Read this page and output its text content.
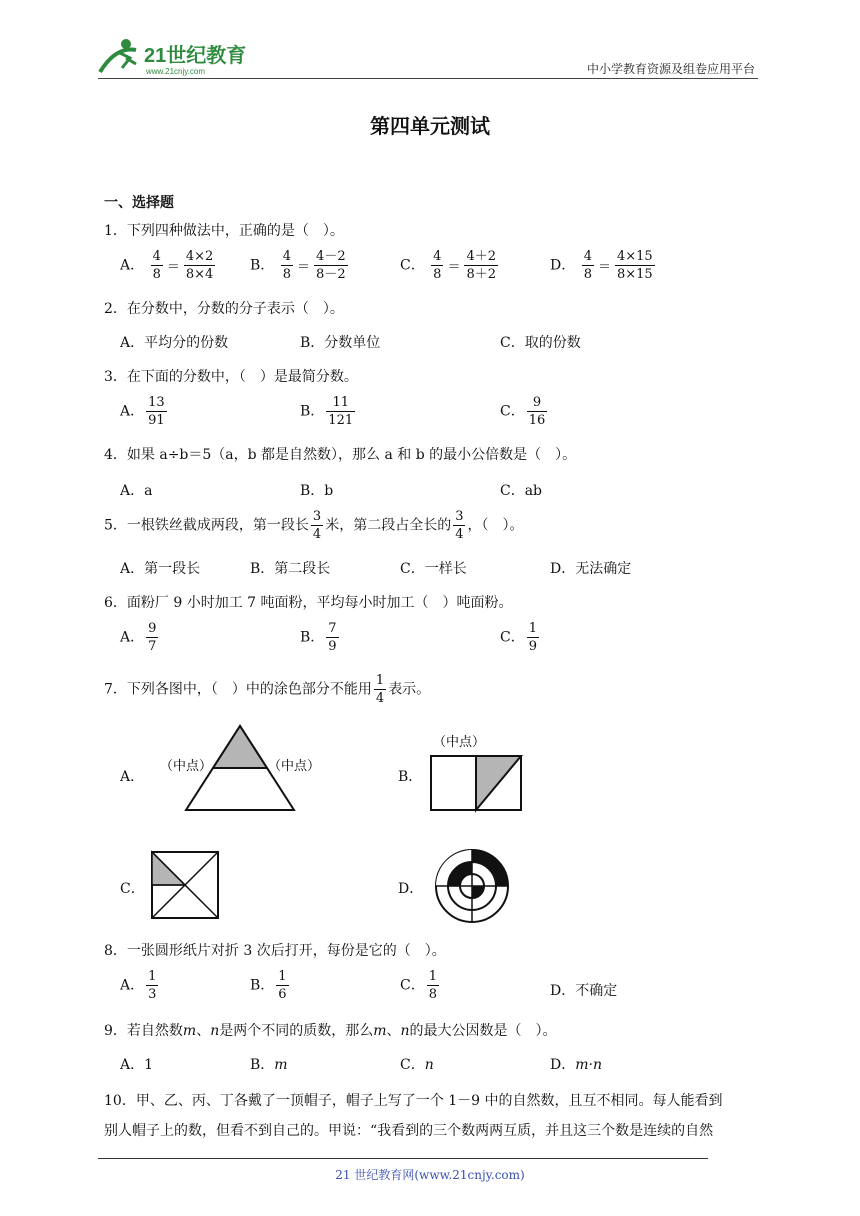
21世纪教育
www.21cnjy.com	中小学教育资源及组卷应用平台
第四单元测试
一、选择题
1．下列四种做法中，正确的是（　）。
A． $\frac{4}{8} = \frac{4\times 2}{8\times 4}$ B． $\frac{4}{8} = \frac{4-2}{8-2}$	C． $\frac{4}{8} = \frac{4+2}{8+2}$	D． $\frac{4}{8} = \frac{4\times 15}{8\times 15}$
2．在分数中，分数的分子表示（　）。
A．平均分的份数	B．分数单位	C．取的份数
3．在下面的分数中，（　）是最简分数。
A． $\frac{13}{91}$	B． $\frac{11}{121}$	C． $\frac{9}{16}$
4．如果 a÷b＝5（a，b 都是自然数），那么 a 和 b 的最小公倍数是（　）。
A．a	B．b	C．ab
5．一根铁丝截成两段，第一段长 $\frac{3}{4}$ 米，第二段占全长的 $\frac{3}{4}$ ，（　）。
A．第一段长	B．第二段长	C．一样长	D．无法确定
6．面粉厂 9 小时加工 7 吨面粉，平均每小时加工（　）吨面粉。
A． $\frac{9}{7}$	B． $\frac{7}{9}$	C． $\frac{1}{9}$
7．下列各图中，（　）中的涂色部分不能用 $\frac{1}{4}$ 表示。
A．
（中点）	（中点）
B．
（中点）
C．	D．
8．一张圆形纸片对折 3 次后打开，每份是它的（　）。
A． $\frac{1}{3}$	B． $\frac{1}{6}$	C． $\frac{1}{8}$	D．不确定
9．若自然数m、n是两个不同的质数，那么m、n的最大公因数是（　）。
A．1	B．m	C．n	D．m·n
10．甲、乙、丙、丁各戴了一顶帽子，帽子上写了一个 1－9 中的自然数，且互不相同。每人能看到
别人帽子上的数，但看不到自己的。甲说：“我看到的三个数两两互质，并且这三个数是连续的自然
21 世纪教育网(www.21cnjy.com)
